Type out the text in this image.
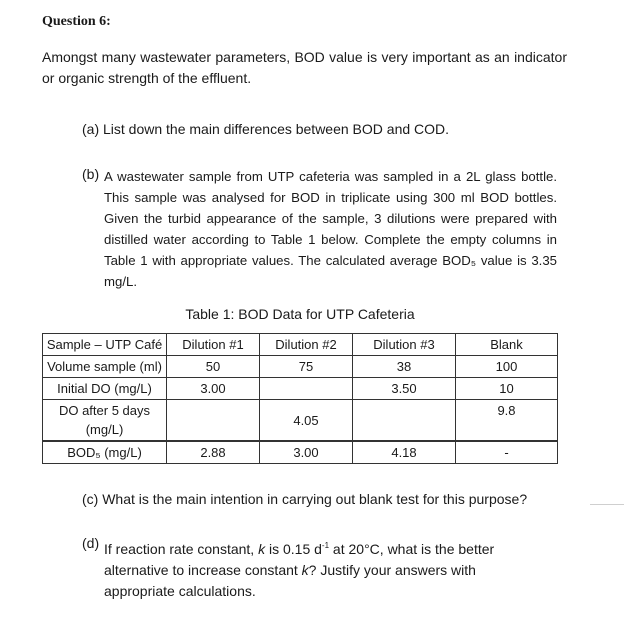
Question 6:
Amongst many wastewater parameters, BOD value is very important as an indicator or organic strength of the effluent.
(a) List down the main differences between BOD and COD.
(b) A wastewater sample from UTP cafeteria was sampled in a 2L glass bottle. This sample was analysed for BOD in triplicate using 300 ml BOD bottles. Given the turbid appearance of the sample, 3 dilutions were prepared with distilled water according to Table 1 below. Complete the empty columns in Table 1 with appropriate values. The calculated average BOD₅ value is 3.35 mg/L.
Table 1: BOD Data for UTP Cafeteria
Sample – UTP Café	Dilution #1	Dilution #2	Dilution #3	Blank
Volume sample (ml)	50	75	38	100
Initial DO (mg/L)	3.00		3.50	10
DO after 5 days (mg/L)		4.05		9.8
BOD₅ (mg/L)	2.88	3.00	4.18	-
(c) What is the main intention in carrying out blank test for this purpose?
(d) If reaction rate constant, k is 0.15 $d^{-1}$ at 20°C, what is the better alternative to increase constant k? Justify your answers with appropriate calculations.
